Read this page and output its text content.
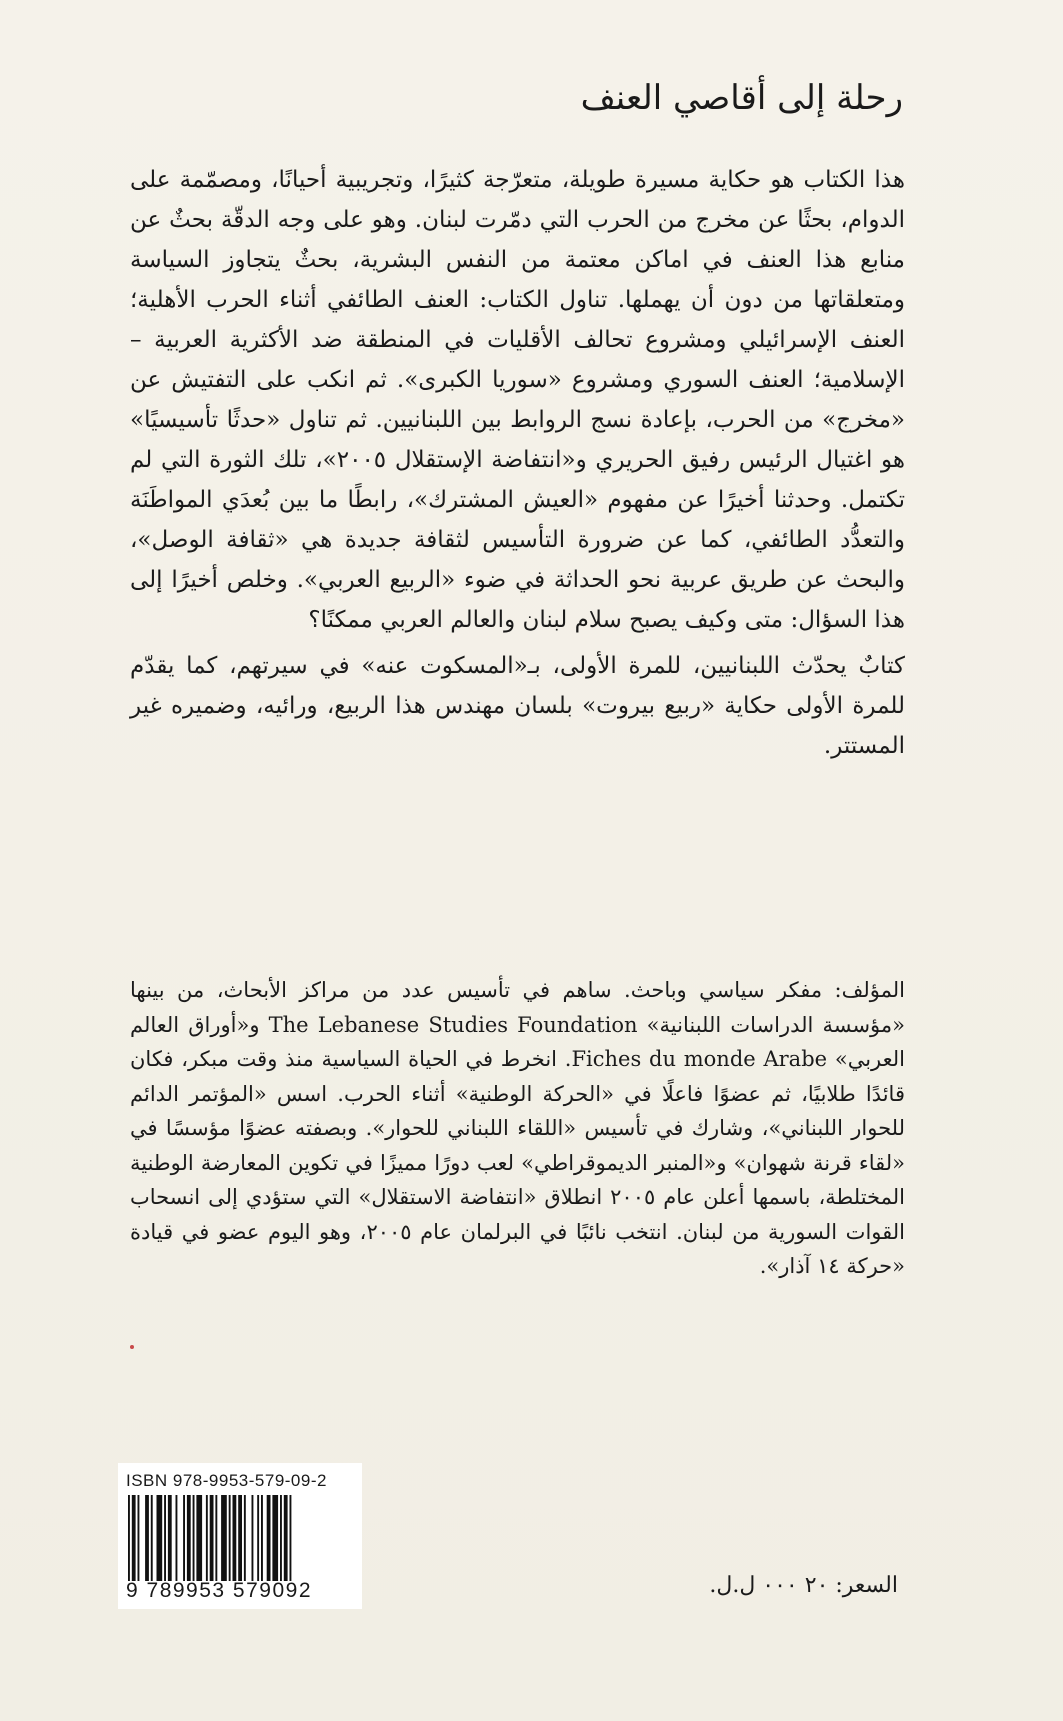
رحلة إلى أقاصي العنف

هذا الكتاب هو حكاية مسيرة طويلة، متعرّجة كثيرًا، وتجريبية أحيانًا، ومصمّمة على الدوام، بحثًا عن مخرج من الحرب التي دمّرت لبنان. وهو على وجه الدقّة بحثٌ عن منابع هذا العنف في اماكن معتمة من النفس البشرية، بحثٌ يتجاوز السياسة ومتعلقاتها من دون أن يهملها. تناول الكتاب: العنف الطائفي أثناء الحرب الأهلية؛ العنف الإسرائيلي ومشروع تحالف الأقليات في المنطقة ضد الأكثرية العربية – الإسلامية؛ العنف السوري ومشروع «سوريا الكبرى». ثم انكب على التفتيش عن «مخرج» من الحرب، بإعادة نسج الروابط بين اللبنانيين. ثم تناول «حدثًا تأسيسيًا» هو اغتيال الرئيس رفيق الحريري و«انتفاضة الإستقلال ٢٠٠٥»، تلك الثورة التي لم تكتمل. وحدثنا أخيرًا عن مفهوم «العيش المشترك»، رابطًا ما بين بُعدَي المواطَنَة والتعدُّد الطائفي، كما عن ضرورة التأسيس لثقافة جديدة هي «ثقافة الوصل»، والبحث عن طريق عربية نحو الحداثة في ضوء «الربيع العربي». وخلص أخيرًا إلى هذا السؤال: متى وكيف يصبح سلام لبنان والعالم العربي ممكنًا؟

كتابٌ يحدّث اللبنانيين، للمرة الأولى، بـ«المسكوت عنه» في سيرتهم، كما يقدّم للمرة الأولى حكاية «ربيع بيروت» بلسان مهندس هذا الربيع، ورائيه، وضميره غير المستتر.

المؤلف: مفكر سياسي وباحث. ساهم في تأسيس عدد من مراكز الأبحاث، من بينها «مؤسسة الدراسات اللبنانية» The Lebanese Studies Foundation و«أوراق العالم العربي» Fiches du monde Arabe. انخرط في الحياة السياسية منذ وقت مبكر، فكان قائدًا طلابيًا، ثم عضوًا فاعلًا في «الحركة الوطنية» أثناء الحرب. اسس «المؤتمر الدائم للحوار اللبناني»، وشارك في تأسيس «اللقاء اللبناني للحوار». وبصفته عضوًا مؤسسًا في «لقاء قرنة شهوان» و«المنبر الديموقراطي» لعب دورًا مميزًا في تكوين المعارضة الوطنية المختلطة، باسمها أعلن عام ٢٠٠٥ انطلاق «انتفاضة الاستقلال» التي ستؤدي إلى انسحاب القوات السورية من لبنان. انتخب نائبًا في البرلمان عام ٢٠٠٥، وهو اليوم عضو في قيادة «حركة ١٤ آذار».

ISBN 978-9953-579-09-2
9 789953 579092	السعر: ٢٠ ٠٠٠ ل.ل.
